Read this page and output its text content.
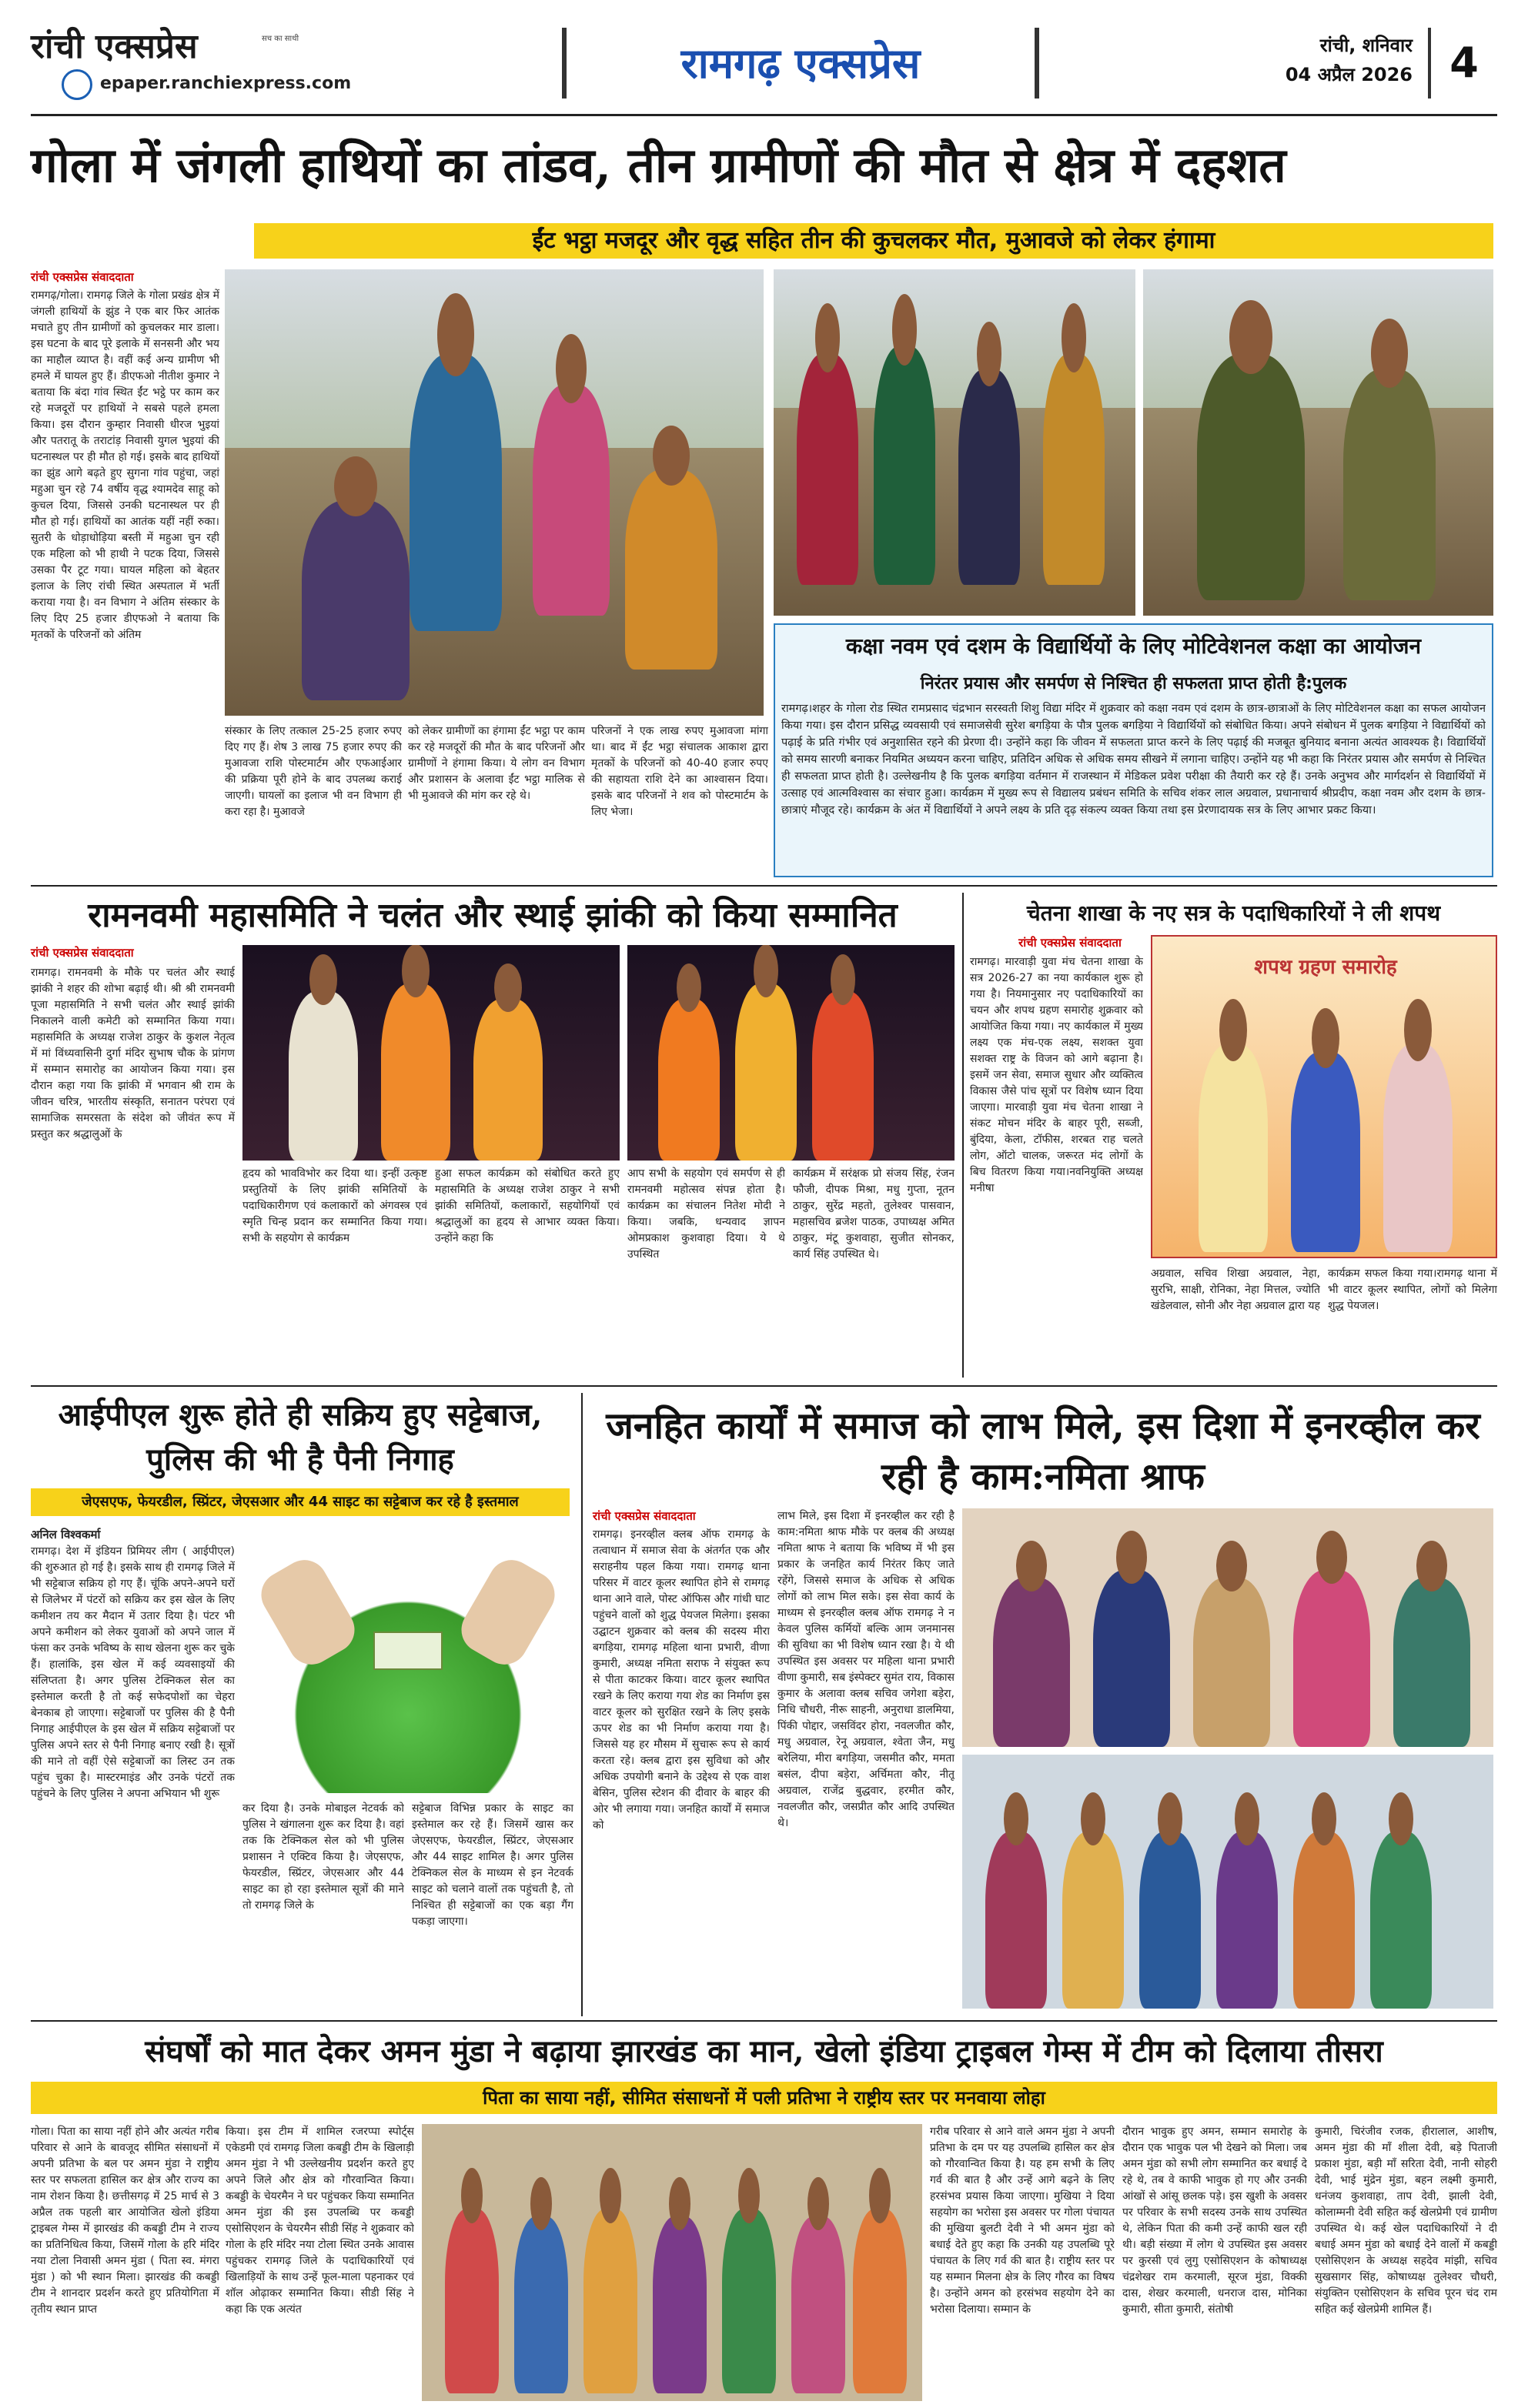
रांची एक्सप्रेस	सच का साथी
epaper.ranchiexpress.com	रामगढ़ एक्सप्रेस	रांची, शनिवार
04 अप्रैल 2026 4
गोला में जंगली हाथियों का तांडव, तीन ग्रामीणों की मौत से क्षेत्र में दहशत
ईंट भट्ठा मजदूर और वृद्ध सहित तीन की कुचलकर मौत, मुआवजे को लेकर हंगामा
रांची एक्सप्रेस संवाददाता
रामगढ़/गोला। रामगढ़ जिले के गोला प्रखंड क्षेत्र में जंगली हाथियों के झुंड ने एक बार फिर आतंक मचाते हुए तीन ग्रामीणों को कुचलकर मार डाला। इस घटना के बाद पूरे इलाके में सनसनी और भय का माहौल व्याप्त है। वहीं कई अन्य ग्रामीण भी हमले में घायल हुए हैं। डीएफओ नीतीश कुमार ने बताया कि बंदा गांव स्थित ईंट भट्ठे पर काम कर रहे मजदूरों पर हाथियों ने सबसे पहले हमला किया। इस दौरान कुम्हार निवासी धीरज भुइयां और पतरातू के तराटांड़ निवासी युगल भुइयां की घटनास्थल पर ही मौत हो गई। इसके बाद हाथियों का झुंड आगे बढ़ते हुए सुगना गांव पहुंचा, जहां महुआ चुन रहे 74 वर्षीय वृद्ध श्यामदेव साहू को कुचल दिया, जिससे उनकी घटनास्थल पर ही मौत हो गई। हाथियों का आतंक यहीं नहीं रुका। सुतरी के धोड़ाधोड़िया बस्ती में महुआ चुन रही एक महिला को भी हाथी ने पटक दिया, जिससे उसका पैर टूट गया। घायल महिला को बेहतर इलाज के लिए रांची स्थित अस्पताल में भर्ती कराया गया है। वन विभाग ने अंतिम संस्कार के लिए दिए 25 हजार डीएफओ ने बताया कि मृतकों के परिजनों को अंतिम
संस्कार के लिए तत्काल 25-25 हजार रुपए दिए गए हैं। शेष 3 लाख 75 हजार रुपए की मुआवजा राशि पोस्टमार्टम और एफआईआर की प्रक्रिया पूरी होने के बाद उपलब्ध कराई जाएगी। घायलों का इलाज भी वन विभाग ही करा रहा है। मुआवजे
को लेकर ग्रामीणों का हंगामा ईंट भट्ठा पर काम कर रहे मजदूरों की मौत के बाद परिजनों और ग्रामीणों ने हंगामा किया। ये लोग वन विभाग और प्रशासन के अलावा ईंट भट्ठा मालिक से भी मुआवजे की मांग कर रहे थे।
परिजनों ने एक लाख रुपए मुआवजा मांगा था। बाद में ईंट भट्ठा संचालक आकाश द्वारा मृतकों के परिजनों को 40-40 हजार रुपए की सहायता राशि देने का आश्वासन दिया। इसके बाद परिजनों ने शव को पोस्टमार्टम के लिए भेजा।
कक्षा नवम एवं दशम के विद्यार्थियों के लिए मोटिवेशनल कक्षा का आयोजन
निरंतर प्रयास और समर्पण से निश्चित ही सफलता प्राप्त होती है:पुलक
रामगढ़।शहर के गोला रोड स्थित रामप्रसाद चंद्रभान सरस्वती शिशु विद्या मंदिर में शुक्रवार को कक्षा नवम एवं दशम के छात्र-छात्राओं के लिए मोटिवेशनल कक्षा का सफल आयोजन किया गया। इस दौरान प्रसिद्ध व्यवसायी एवं समाजसेवी सुरेश बगड़िया के पौत्र पुलक बगड़िया ने विद्यार्थियों को संबोधित किया। अपने संबोधन में पुलक बगड़िया ने विद्यार्थियों को पढ़ाई के प्रति गंभीर एवं अनुशासित रहने की प्रेरणा दी। उन्होंने कहा कि जीवन में सफलता प्राप्त करने के लिए पढ़ाई की मजबूत बुनियाद बनाना अत्यंत आवश्यक है। विद्यार्थियों को समय सारणी बनाकर नियमित अध्ययन करना चाहिए, प्रतिदिन अधिक से अधिक समय सीखने में लगाना चाहिए। उन्होंने यह भी कहा कि निरंतर प्रयास और समर्पण से निश्चित ही सफलता प्राप्त होती है। उल्लेखनीय है कि पुलक बगड़िया वर्तमान में राजस्थान में मेडिकल प्रवेश परीक्षा की तैयारी कर रहे हैं। उनके अनुभव और मार्गदर्शन से विद्यार्थियों में उत्साह एवं आत्मविश्वास का संचार हुआ। कार्यक्रम में मुख्य रूप से विद्यालय प्रबंधन समिति के सचिव शंकर लाल अग्रवाल, प्रधानाचार्य श्रीप्रदीप, कक्षा नवम और दशम के छात्र-छात्राएं मौजूद रहे। कार्यक्रम के अंत में विद्यार्थियों ने अपने लक्ष्य के प्रति दृढ़ संकल्प व्यक्त किया तथा इस प्रेरणादायक सत्र के लिए आभार प्रकट किया।
रामनवमी महासमिति ने चलंत और स्थाई झांकी को किया सम्मानित
रांची एक्सप्रेस संवाददाता
रामगढ़। रामनवमी के मौके पर चलंत और स्थाई झांकी ने शहर की शोभा बढ़ाई थी। श्री श्री रामनवमी पूजा महासमिति ने सभी चलंत और स्थाई झांकी निकालने वाली कमेटी को सम्मानित किया गया। महासमिति के अध्यक्ष राजेश ठाकुर के कुशल नेतृत्व में मां विंध्यवासिनी दुर्गा मंदिर सुभाष चौक के प्रांगण में सम्मान समारोह का आयोजन किया गया। इस दौरान कहा गया कि झांकी में भगवान श्री राम के जीवन चरित्र, भारतीय संस्कृति, सनातन परंपरा एवं सामाजिक समरसता के संदेश को जीवंत रूप में प्रस्तुत कर श्रद्धालुओं के
हृदय को भावविभोर कर दिया था। इन्हीं उत्कृष्ट प्रस्तुतियों के लिए झांकी समितियों के पदाधिकारीगण एवं कलाकारों को अंगवस्त्र एवं स्मृति चिन्ह प्रदान कर सम्मानित किया गया। सभी के सहयोग से कार्यक्रम
हुआ सफल कार्यक्रम को संबोधित करते हुए महासमिति के अध्यक्ष राजेश ठाकुर ने सभी झांकी समितियों, कलाकारों, सहयोगियों एवं श्रद्धालुओं का हृदय से आभार व्यक्त किया। उन्होंने कहा कि
आप सभी के सहयोग एवं समर्पण से ही रामनवमी महोत्सव संपन्न होता है। कार्यक्रम का संचालन नितेश मोदी ने किया। जबकि, धन्यवाद ज्ञापन ओमप्रकाश कुशवाहा दिया। ये थे उपस्थित
कार्यक्रम में सरंक्षक प्रो संजय सिंह, रंजन फौजी, दीपक मिश्रा, मधु गुप्ता, नूतन ठाकुर, सुरेंद्र महतो, तुलेश्वर पासवान, महासचिव ब्रजेश पाठक, उपाध्यक्ष अमित ठाकुर, मंटू कुशवाहा, सुजीत सोनकर, कार्य सिंह उपस्थित थे।
चेतना शाखा के नए सत्र के पदाधिकारियों ने ली शपथ
रांची एक्सप्रेस संवाददाता
रामगढ़। मारवाड़ी युवा मंच चेतना शाखा के सत्र 2026-27 का नया कार्यकाल शुरू हो गया है। नियमानुसार नए पदाधिकारियों का चयन और शपथ ग्रहण समारोह शुक्रवार को आयोजित किया गया। नए कार्यकाल में मुख्य लक्ष्य एक मंच-एक लक्ष्य, सशक्त युवा सशक्त राष्ट्र के विजन को आगे बढ़ाना है। इसमें जन सेवा, समाज सुधार और व्यक्तित्व विकास जैसे पांच सूत्रों पर विशेष ध्यान दिया जाएगा। मारवाड़ी युवा मंच चेतना शाखा ने संकट मोचन मंदिर के बाहर पूरी, सब्जी, बुंदिया, केला, टॉफीस, शरबत राह चलते लोग, ऑटो चालक, जरूरत मंद लोगों के बिच वितरण किया गया।नवनियुक्ति अध्यक्ष मनीषा
शपथ ग्रहण समारोह
अग्रवाल, सचिव शिखा अग्रवाल, नेहा, सुरभि, साक्षी, रोनिका, नेहा मित्तल, ज्योति खंडेलवाल, सोनी और नेहा अग्रवाल द्वारा यह
कार्यक्रम सफल किया गया।रामगढ़ थाना में भी वाटर कूलर स्थापित, लोगों को मिलेगा शुद्ध पेयजल।
आईपीएल शुरू होते ही सक्रिय हुए सट्टेबाज, पुलिस की भी है पैनी निगाह
जेएसएफ, फेयरडील, स्प्रिंटर, जेएसआर और 44 साइट का सट्टेबाज कर रहे है इस्तमाल
अनिल विश्वकर्मा
रामगढ़। देश में इंडियन प्रिमियर लीग ( आईपीएल) की शुरुआत हो गई है। इसके साथ ही रामगढ़ जिले में भी सट्टेबाज सक्रिय हो गए हैं। चूंकि अपने-अपने घरों से जिलेभर में पंटरों को सक्रिय कर इस खेल के लिए कमीशन तय कर मैदान में उतार दिया है। पंटर भी अपने कमीशन को लेकर युवाओं को अपने जाल में फंसा कर उनके भविष्य के साथ खेलना शुरू कर चुके हैं। हालांकि, इस खेल में कई व्यवसाइयों की संलिप्तता है। अगर पुलिस टेक्निकल सेल का इस्तेमाल करती है तो कई सफेदपोशों का चेहरा बेनकाब हो जाएगा। सट्टेबाजों पर पुलिस की है पैनी निगाह आईपीएल के इस खेल में सक्रिय सट्टेबाजों पर पुलिस अपने स्तर से पैनी निगाह बनाए रखी है। सूत्रों की माने तो वहीं ऐसे सट्टेबाजों का लिस्ट उन तक पहुंच चुका है। मास्टरमाइंड और उनके पंटरों तक पहुंचने के लिए पुलिस ने अपना अभियान भी शुरू
कर दिया है। उनके मोबाइल नेटवर्क को पुलिस ने खंगालना शुरू कर दिया है। वहां तक कि टेक्निकल सेल को भी पुलिस प्रशासन ने एक्टिव किया है। जेएसएफ, फेयरडील, स्प्रिंटर, जेएसआर और 44 साइट का हो रहा इस्तेमाल सूत्रों की माने तो रामगढ़ जिले के
सट्टेबाज विभिन्न प्रकार के साइट का इस्तेमाल कर रहे हैं। जिसमें खास कर जेएसएफ, फेयरडील, स्प्रिंटर, जेएसआर और 44 साइट शामिल है। अगर पुलिस टेक्निकल सेल के माध्यम से इन नेटवर्क साइट को चलाने वालों तक पहुंचती है, तो निश्चित ही सट्टेबाजों का एक बड़ा गैंग पकड़ा जाएगा।
जनहित कार्यों में समाज को लाभ मिले, इस दिशा में इनरव्हील कर रही है काम:नमिता श्राफ
रांची एक्सप्रेस संवाददाता
रामगढ़। इनरव्हील क्लब ऑफ रामगढ़ के तत्वाधान में समाज सेवा के अंतर्गत एक और सराहनीय पहल किया गया। रामगढ़ थाना परिसर में वाटर कूलर स्थापित होने से रामगढ़ थाना आने वाले, पोस्ट ऑफिस और गांधी घाट पहुंचने वालों को शुद्ध पेयजल मिलेगा। इसका उद्घाटन शुक्रवार को क्लब की सदस्य मीरा बगड़िया, रामगढ़ महिला थाना प्रभारी, वीणा कुमारी, अध्यक्ष नमिता सराफ ने संयुक्त रूप से पीता काटकर किया। वाटर कूलर स्थापित रखने के लिए कराया गया शेड का निर्माण इस वाटर कूलर को सुरक्षित रखने के लिए इसके ऊपर शेड का भी निर्माण कराया गया है। जिससे यह हर मौसम में सुचारू रूप से कार्य करता रहे। क्लब द्वारा इस सुविधा को और अधिक उपयोगी बनाने के उद्देश्य से एक वाश बेसिन, पुलिस स्टेशन की दीवार के बाहर की ओर भी लगाया गया। जनहित कार्यों में समाज को
लाभ मिले, इस दिशा में इनरव्हील कर रही है काम:नमिता श्राफ मौके पर क्लब की अध्यक्ष नमिता श्राफ ने बताया कि भविष्य में भी इस प्रकार के जनहित कार्य निरंतर किए जाते रहेंगे, जिससे समाज के अधिक से अधिक लोगों को लाभ मिल सके। इस सेवा कार्य के माध्यम से इनरव्हील क्लब ऑफ रामगढ़ ने न केवल पुलिस कर्मियों बल्कि आम जनमानस की सुविधा का भी विशेष ध्यान रखा है। ये थी उपस्थित इस अवसर पर महिला थाना प्रभारी वीणा कुमारी, सब इंस्पेक्टर सुमंत राय, विकास कुमार के अलावा क्लब सचिव जगेशा बड़ेरा, निधि चौधरी, नीरू साहनी, अनुराधा डालमिया, पिंकी पोद्दार, जसविंदर होरा, नवलजीत कौर, मधु अग्रवाल, रेनू अग्रवाल, श्वेता जैन, मधु बरेलिया, मीरा बगड़िया, जसमीत कौर, ममता बसंल, दीपा बड़ेरा, अर्चिमता कौर, नीतू अग्रवाल, राजेंद्र बुद्धवार, हरमीत कौर, नवलजीत कौर, जसप्रीत कौर आदि उपस्थित थे।
संघर्षों को मात देकर अमन मुंडा ने बढ़ाया झारखंड का मान, खेलो इंडिया ट्राइबल गेम्स में टीम को दिलाया तीसरा
पिता का साया नहीं, सीमित संसाधनों में पली प्रतिभा ने राष्ट्रीय स्तर पर मनवाया लोहा
गोला। पिता का साया नहीं होने और अत्यंत गरीब परिवार से आने के बावजूद सीमित संसाधनों में अपनी प्रतिभा के बल पर अमन मुंडा ने राष्ट्रीय स्तर पर सफलता हासिल कर क्षेत्र और राज्य का नाम रोशन किया है। छत्तीसगढ़ में 25 मार्च से 3 अप्रैल तक पहली बार आयोजित खेलो इंडिया ट्राइबल गेम्स में झारखंड की कबड्डी टीम ने राज्य का प्रतिनिधित्व किया, जिसमें गोला के हरि मंदिर नया टोला निवासी अमन मुंडा ( पिता स्व. मंगरा मुंडा ) को भी स्थान मिला। झारखंड की कबड्डी टीम ने शानदार प्रदर्शन करते हुए प्रतियोगिता में तृतीय स्थान प्राप्त
किया। इस टीम में शामिल रजरप्पा स्पोर्ट्स एकेडमी एवं रामगढ़ जिला कबड्डी टीम के खिलाड़ी अमन मुंडा ने भी उल्लेखनीय प्रदर्शन करते हुए अपने जिले और क्षेत्र को गौरवान्वित किया। कबड्डी के चेयरमैन ने घर पहुंचकर किया सम्मानित अमन मुंडा की इस उपलब्धि पर कबड्डी एसोसिएशन के चेयरमैन सीडी सिंह ने शुक्रवार को गोला के हरि मंदिर नया टोला स्थित उनके आवास पहुंचकर रामगढ़ जिले के पदाधिकारियों एवं खिलाड़ियों के साथ उन्हें फूल-माला पहनाकर एवं शॉल ओढ़ाकर सम्मानित किया। सीडी सिंह ने कहा कि एक अत्यंत
गरीब परिवार से आने वाले अमन मुंडा ने अपनी प्रतिभा के दम पर यह उपलब्धि हासिल कर क्षेत्र को गौरवान्वित किया है। यह हम सभी के लिए गर्व की बात है और उन्हें आगे बढ़ने के लिए हरसंभव प्रयास किया जाएगा। मुखिया ने दिया सहयोग का भरोसा इस अवसर पर गोला पंचायत की मुखिया बुलटी देवी ने भी अमन मुंडा को बधाई देते हुए कहा कि उनकी यह उपलब्धि पूरे पंचायत के लिए गर्व की बात है। राष्ट्रीय स्तर पर यह सम्मान मिलना क्षेत्र के लिए गौरव का विषय है। उन्होंने अमन को हरसंभव सहयोग देने का भरोसा दिलाया। सम्मान के
दौरान भावुक हुए अमन, सम्मान समारोह के दौरान एक भावुक पल भी देखने को मिला। जब अमन मुंडा को सभी लोग सम्मानित कर बधाई दे रहे थे, तब वे काफी भावुक हो गए और उनकी आंखों से आंसू छलक पड़े। इस खुशी के अवसर पर परिवार के सभी सदस्य उनके साथ उपस्थित थे, लेकिन पिता की कमी उन्हें काफी खल रही थी। बड़ी संख्या में लोग थे उपस्थित इस अवसर पर कुरसी एवं लुगु एसोसिएशन के कोषाध्यक्ष चंद्रशेखर राम करमाली, सूरज मुंडा, विक्की दास, शेखर करमाली, धनराज दास, मोनिका कुमारी, सीता कुमारी, संतोषी
कुमारी, चिरंजीव रजक, हीरालाल, आशीष, अमन मुंडा की माँ शीला देवी, बड़े पिताजी प्रकाश मुंडा, बड़ी माँ सरिता देवी, नानी सोहरी देवी, भाई मुंद्रेन मुंडा, बहन लक्ष्मी कुमारी, धनंजय कुशवाहा, ताप देवी, झाली देवी, कोलाम्मनी देवी सहित कई खेलप्रेमी एवं ग्रामीण उपस्थित थे। कई खेल पदाधिकारियों ने दी बधाई अमन मुंडा को बधाई देने वालों में कबड्डी एसोसिएशन के अध्यक्ष सहदेव मांझी, सचिव सुखसागर सिंह, कोषाध्यक्ष तुलेश्वर चौधरी, संयुक्तिन एसोसिएशन के सचिव पूरन चंद राम सहित कई खेलप्रेमी शामिल हैं।
